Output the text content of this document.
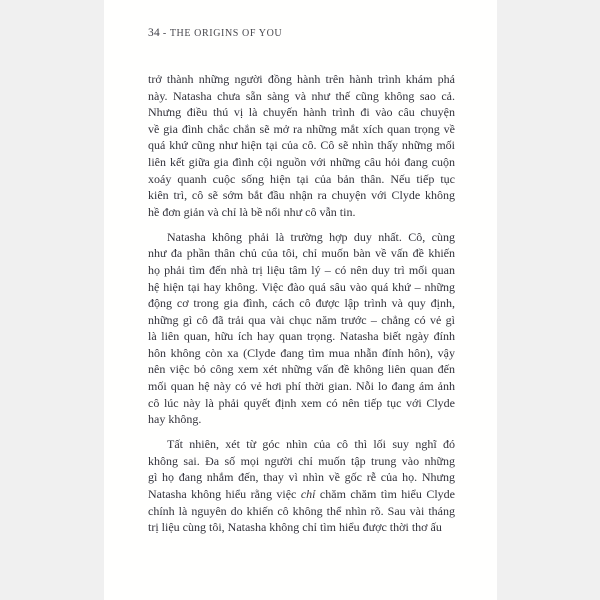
34 - THE ORIGINS OF YOU
trở thành những người đồng hành trên hành trình khám phá
này. Natasha chưa sẵn sàng và như thế cũng không sao cả.
Nhưng điều thú vị là chuyến hành trình đi vào câu chuyện
về gia đình chắc chắn sẽ mở ra những mắt xích quan trọng về
quá khứ cũng như hiện tại của cô. Cô sẽ nhìn thấy những mối
liên kết giữa gia đình cội nguồn với những câu hỏi đang cuộn
xoáy quanh cuộc sống hiện tại của bản thân. Nếu tiếp tục
kiên trì, cô sẽ sớm bắt đầu nhận ra chuyện với Clyde không
hề đơn giản và chỉ là bề nổi như cô vẫn tin.
Natasha không phải là trường hợp duy nhất. Cô, cùng
như đa phần thân chủ của tôi, chỉ muốn bàn về vấn đề khiến
họ phải tìm đến nhà trị liệu tâm lý – có nên duy trì mối quan
hệ hiện tại hay không. Việc đào quá sâu vào quá khứ – những
động cơ trong gia đình, cách cô được lập trình và quy định,
những gì cô đã trải qua vài chục năm trước – chẳng có vẻ gì
là liên quan, hữu ích hay quan trọng. Natasha biết ngày đính
hôn không còn xa (Clyde đang tìm mua nhẫn đính hôn), vậy
nên việc bỏ công xem xét những vấn đề không liên quan đến
mối quan hệ này có vẻ hơi phí thời gian. Nỗi lo đang ám ảnh
cô lúc này là phải quyết định xem có nên tiếp tục với Clyde
hay không.
Tất nhiên, xét từ góc nhìn của cô thì lối suy nghĩ đó
không sai. Đa số mọi người chỉ muốn tập trung vào những
gì họ đang nhắm đến, thay vì nhìn về gốc rễ của họ. Nhưng
Natasha không hiểu rằng việc chỉ chăm chăm tìm hiểu Clyde
chính là nguyên do khiến cô không thể nhìn rõ. Sau vài tháng
trị liệu cùng tôi, Natasha không chỉ tìm hiểu được thời thơ ấu
